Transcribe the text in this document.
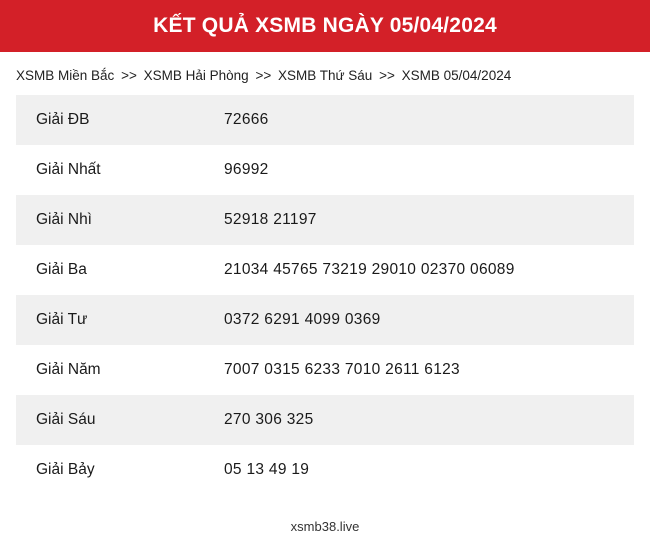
KẾT QUẢ XSMB NGÀY 05/04/2024
XSMB Miền Bắc >> XSMB Hải Phòng >> XSMB Thứ Sáu >> XSMB 05/04/2024
Giải ĐB	72666
Giải Nhất	96992
Giải Nhì	52918 21197
Giải Ba	21034 45765 73219 29010 02370 06089
Giải Tư	0372 6291 4099 0369
Giải Năm	7007 0315 6233 7010 2611 6123
Giải Sáu	270 306 325
Giải Bảy	05 13 49 19
xsmb38.live
